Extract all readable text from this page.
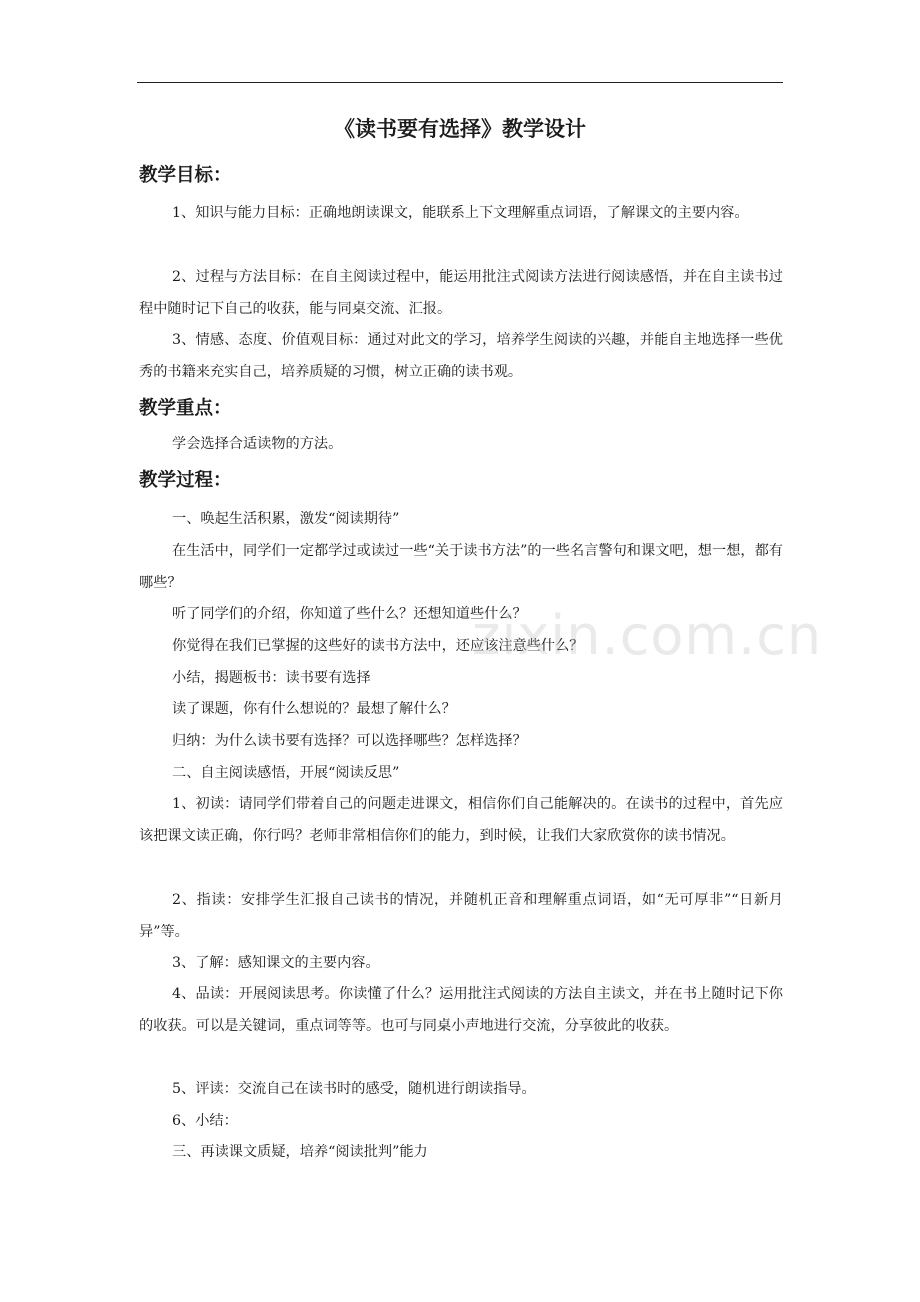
《读书要有选择》教学设计
教学目标：
1、知识与能力目标：正确地朗读课文，能联系上下文理解重点词语，了解课文的主要内容。
2、过程与方法目标：在自主阅读过程中，能运用批注式阅读方法进行阅读感悟，并在自主读书过程中随时记下自己的收获，能与同桌交流、汇报。
3、情感、态度、价值观目标：通过对此文的学习，培养学生阅读的兴趣，并能自主地选择一些优秀的书籍来充实自己，培养质疑的习惯，树立正确的读书观。
教学重点：
学会选择合适读物的方法。
教学过程：
一、唤起生活积累，激发“阅读期待”
在生活中，同学们一定都学过或读过一些“关于读书方法”的一些名言警句和课文吧，想一想，都有哪些？
听了同学们的介绍，你知道了些什么？还想知道些什么？
你觉得在我们已掌握的这些好的读书方法中，还应该注意些什么？
小结，揭题板书：读书要有选择
读了课题，你有什么想说的？最想了解什么？
归纳：为什么读书要有选择？可以选择哪些？怎样选择？
二、自主阅读感悟，开展“阅读反思”
1、初读：请同学们带着自己的问题走进课文，相信你们自己能解决的。在读书的过程中，首先应该把课文读正确，你行吗？老师非常相信你们的能力，到时候，让我们大家欣赏你的读书情况。
2、指读：安排学生汇报自己读书的情况，并随机正音和理解重点词语，如“无可厚非”“日新月异”等。
3、了解：感知课文的主要内容。
4、品读：开展阅读思考。你读懂了什么？运用批注式阅读的方法自主读文，并在书上随时记下你的收获。可以是关键词，重点词等等。也可与同桌小声地进行交流，分享彼此的收获。
5、评读：交流自己在读书时的感受，随机进行朗读指导。
6、小结：
三、再读课文质疑，培养“阅读批判”能力
zixin.com.cn
